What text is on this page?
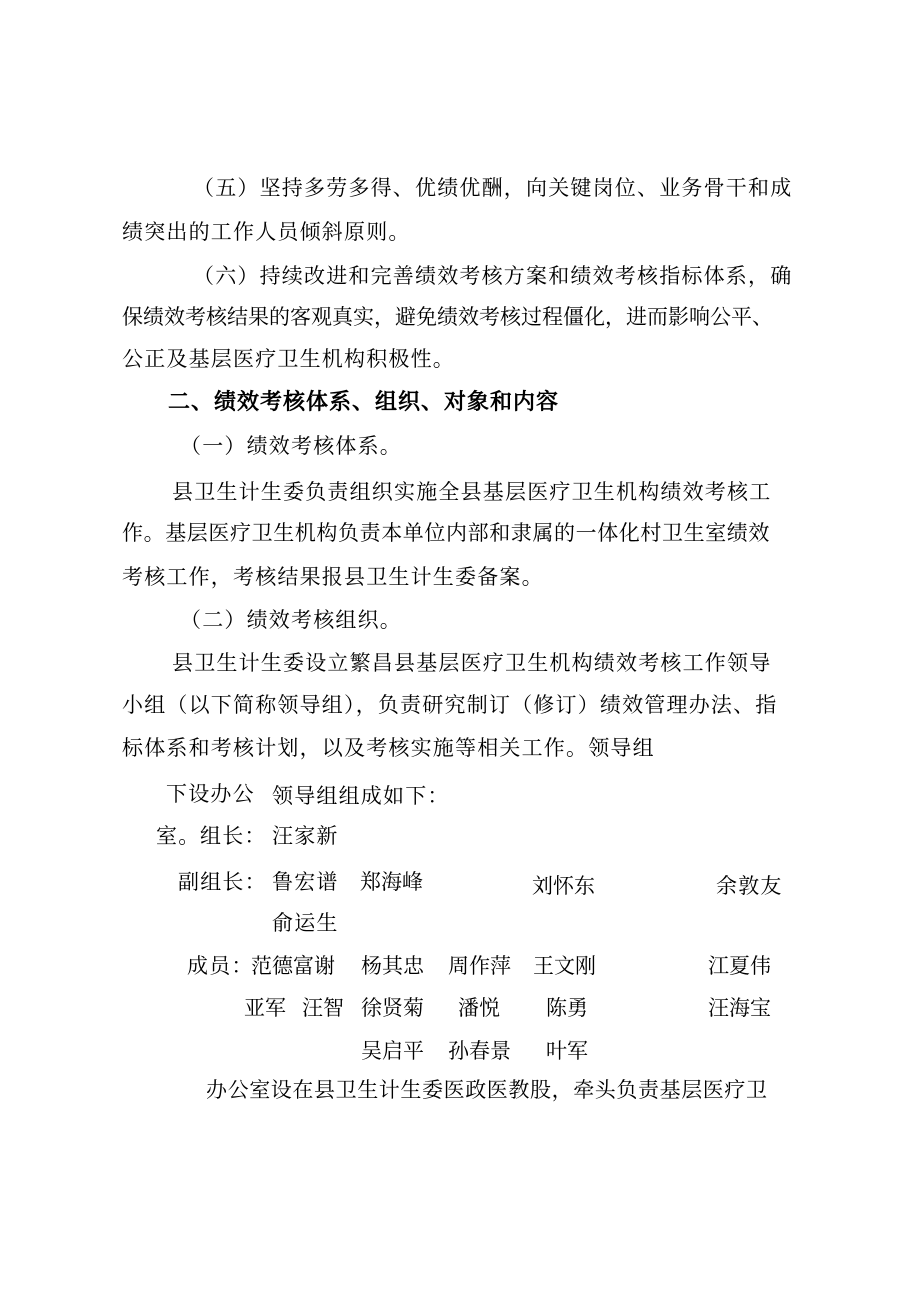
（五）坚持多劳多得、优绩优酬，向关键岗位、业务骨干和成
绩突出的工作人员倾斜原则。
（六）持续改进和完善绩效考核方案和绩效考核指标体系，确
保绩效考核结果的客观真实，避免绩效考核过程僵化，进而影响公平、
公正及基层医疗卫生机构积极性。
二、绩效考核体系、组织、对象和内容
（一）绩效考核体系。
县卫生计生委负责组织实施全县基层医疗卫生机构绩效考核工
作。基层医疗卫生机构负责本单位内部和隶属的一体化村卫生室绩效
考核工作，考核结果报县卫生计生委备案。
（二）绩效考核组织。
县卫生计生委设立繁昌县基层医疗卫生机构绩效考核工作领导
小组（以下简称领导组），负责研究制订（修订）绩效管理办法、指
标体系和考核计划，以及考核实施等相关工作。领导组
下设办公 领导组组成如下：
室。 组长： 汪家新
副组长： 鲁宏谱 郑海峰	刘怀东	余敦友
俞运生
成员：
范德富谢 杨其忠 周作萍 王文刚	江夏伟
亚军 汪智 徐贤菊 潘悦 陈勇	汪海宝
吴启平 孙春景 叶军
办公室设在县卫生计生委医政医教股，牵头负责基层医疗卫
